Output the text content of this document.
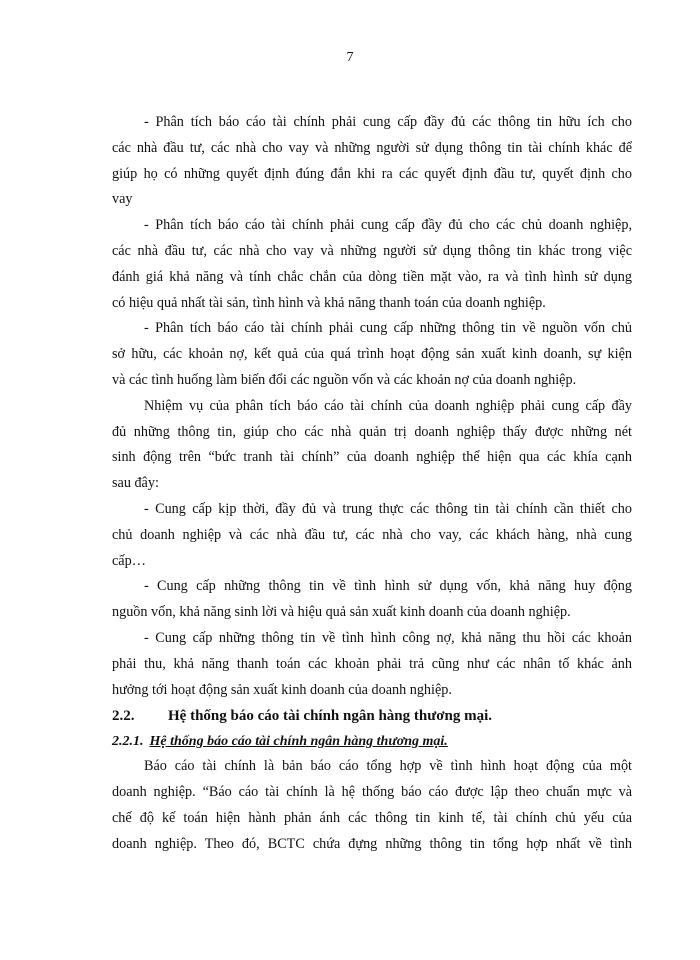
7
- Phân tích báo cáo tài chính phải cung cấp đầy đủ các thông tin hữu ích cho
các nhà đầu tư, các nhà cho vay và những người sử dụng thông tin tài chính khác để
giúp họ có những quyết định đúng đắn khi ra các quyết định đầu tư, quyết định cho
vay
- Phân tích báo cáo tài chính phải cung cấp đầy đủ cho các chủ doanh nghiệp,
các nhà đầu tư, các nhà cho vay và những người sử dụng thông tin khác trong việc
đánh giá khả năng và tính chắc chắn của dòng tiền mặt vào, ra và tình hình sử dụng
có hiệu quả nhất tài sản, tình hình và khả năng thanh toán của doanh nghiệp.
- Phân tích báo cáo tài chính phải cung cấp những thông tin về nguồn vốn chủ
sở hữu, các khoản nợ, kết quả của quá trình hoạt động sản xuất kinh doanh, sự kiện
và các tình huống làm biến đổi các nguồn vốn và các khoản nợ của doanh nghiệp.
Nhiệm vụ của phân tích báo cáo tài chính của doanh nghiệp phải cung cấp đầy
đủ những thông tin, giúp cho các nhà quản trị doanh nghiệp thấy được những nét
sinh động trên “bức tranh tài chính” của doanh nghiệp thể hiện qua các khía cạnh
sau đây:
- Cung cấp kịp thời, đầy đủ và trung thực các thông tin tài chính cần thiết cho
chủ doanh nghiệp và các nhà đầu tư, các nhà cho vay, các khách hàng, nhà cung
cấp…
- Cung cấp những thông tin về tình hình sử dụng vốn, khả năng huy động
nguồn vốn, khả năng sinh lời và hiệu quả sản xuất kinh doanh của doanh nghiệp.
- Cung cấp những thông tin về tình hình công nợ, khả năng thu hồi các khoản
phải thu, khả năng thanh toán các khoản phải trả cũng như các nhân tố khác ảnh
hưởng tới hoạt động sản xuất kinh doanh của doanh nghiệp.
2.2. Hệ thống báo cáo tài chính ngân hàng thương mại.
2.2.1. Hệ thống báo cáo tài chính ngân hàng thương mại.
Báo cáo tài chính là bản báo cáo tổng hợp về tình hình hoạt động của một
doanh nghiệp. “Báo cáo tài chính là hệ thống báo cáo được lập theo chuẩn mực và
chế độ kế toán hiện hành phản ánh các thông tin kinh tế, tài chính chủ yếu của
doanh nghiệp. Theo đó, BCTC chứa đựng những thông tin tổng hợp nhất về tình
